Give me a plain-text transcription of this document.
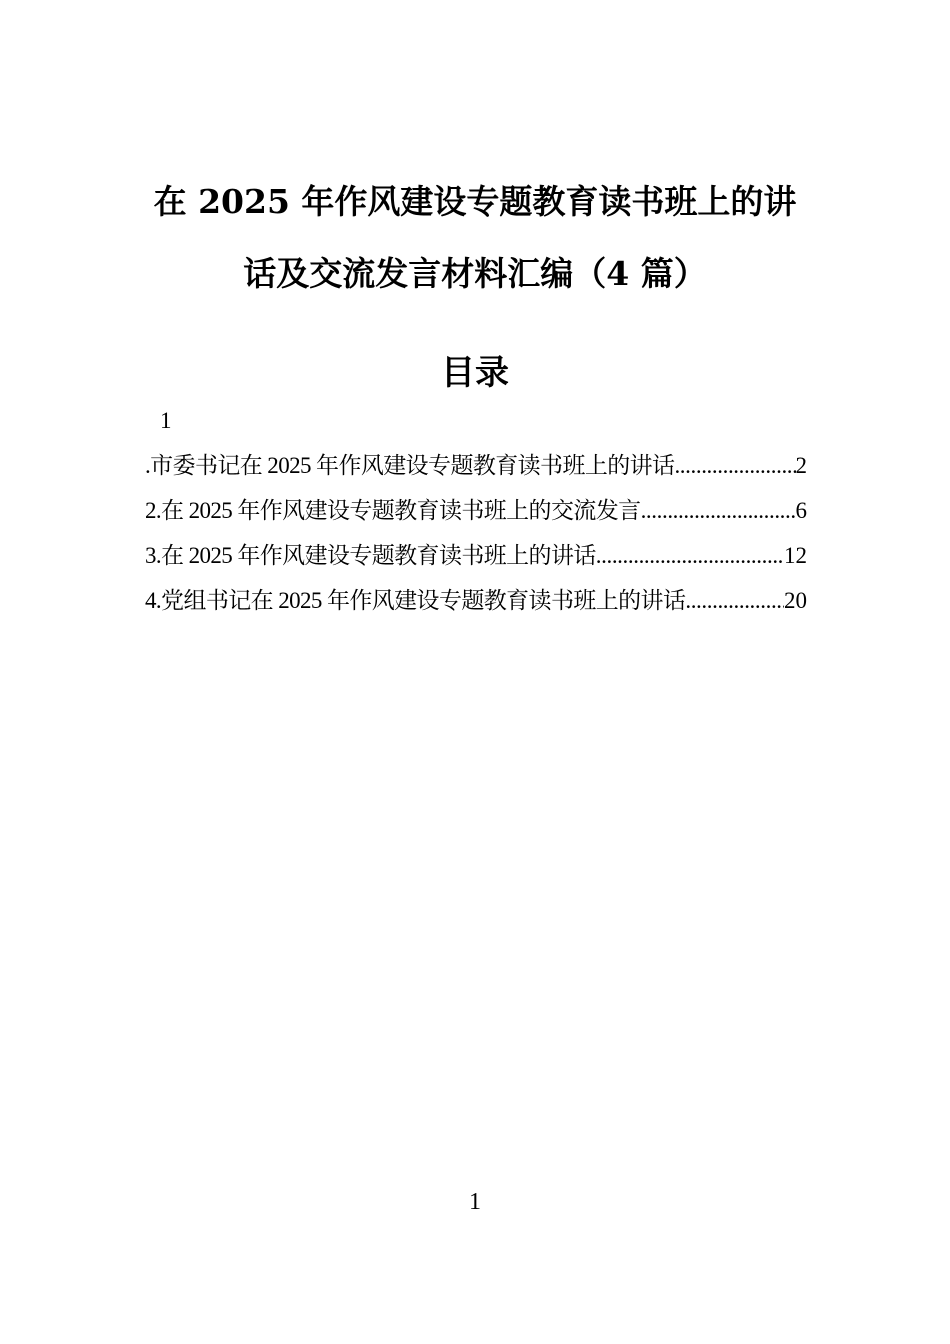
在 2025 年作风建设专题教育读书班上的讲
话及交流发言材料汇编（4 篇）
目录
1
.市委书记在 2025 年作风建设专题教育读书班上的讲话 .....	2
2.在 2025 年作风建设专题教育读书班上的交流发言 .....	6
3.在 2025 年作风建设专题教育读书班上的讲话 .....	12
4.党组书记在 2025 年作风建设专题教育读书班上的讲话 .....	20
1
